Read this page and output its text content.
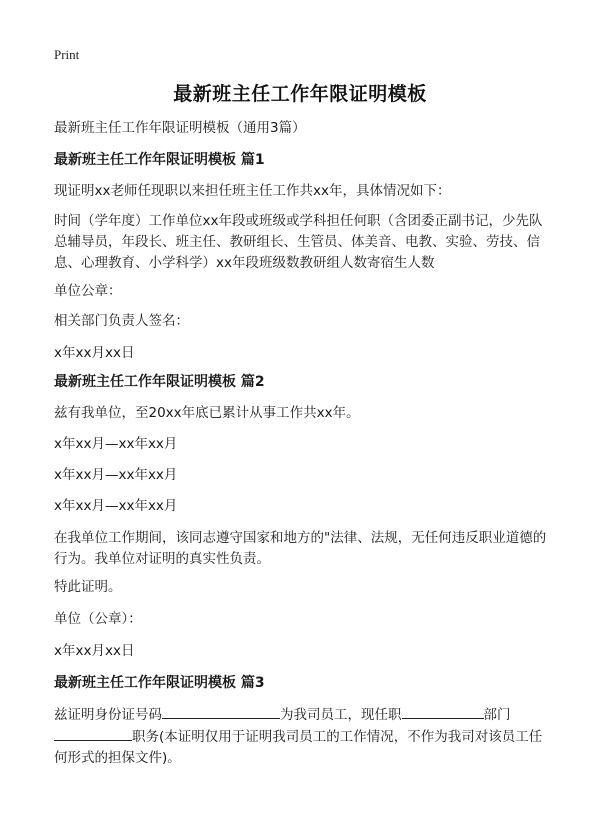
Print
最新班主任工作年限证明模板
最新班主任工作年限证明模板（通用3篇）
最新班主任工作年限证明模板 篇1
现证明xx老师任现职以来担任班主任工作共xx年，具体情况如下：
时间（学年度）工作单位xx年段或班级或学科担任何职（含团委正副书记，少先队总辅导员，年段长、班主任、教研组长、生管员、体美音、电教、实验、劳技、信息、心理教育、小学科学）xx年段班级数教研组人数寄宿生人数
单位公章：
相关部门负责人签名：
x年xx月xx日
最新班主任工作年限证明模板 篇2
兹有我单位，至20xx年底已累计从事工作共xx年。
x年xx月—xx年xx月
x年xx月—xx年xx月
x年xx月—xx年xx月
在我单位工作期间，该同志遵守国家和地方的"法律、法规，无任何违反职业道德的行为。我单位对证明的真实性负责。
特此证明。
单位（公章）：
x年xx月xx日
最新班主任工作年限证明模板 篇3
兹证明身份证号码	为我司员工，现任职	部门
职务(本证明仅用于证明我司员工的工作情况，不作为我司对该员工任何形式的担保文件)。
